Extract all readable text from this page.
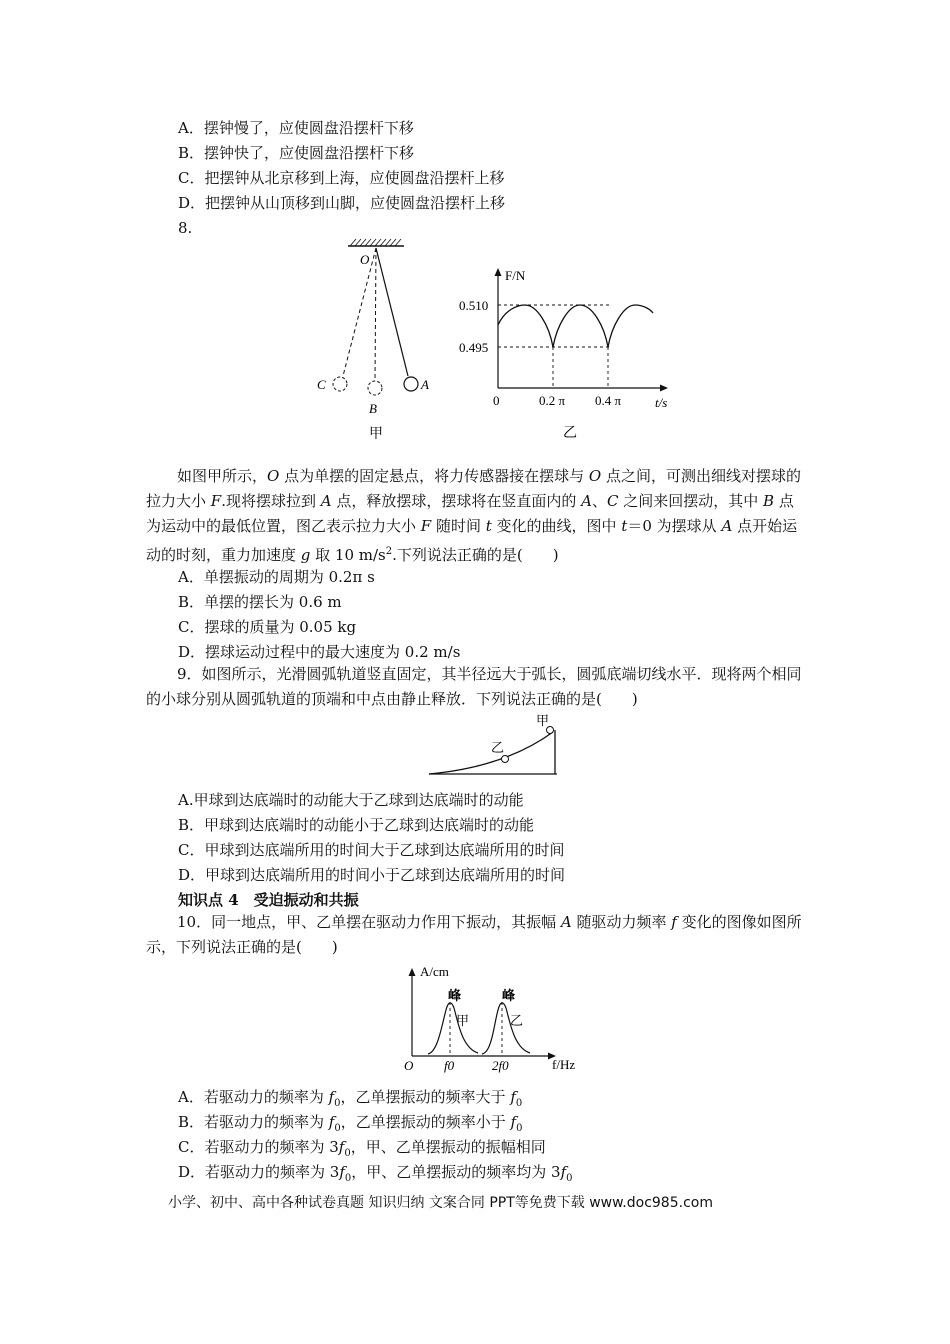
A．摆钟慢了，应使圆盘沿摆杆下移
B．摆钟快了，应使圆盘沿摆杆下移
C．把摆钟从北京移到上海，应使圆盘沿摆杆上移
D．把摆钟从山顶移到山脚，应使圆盘沿摆杆上移
8.
O
A
B
C
甲
F/N
t/s
0
0.510
0.495
0.2 π 0.4 π
乙
如图甲所示，O 点为单摆的固定悬点，将力传感器接在摆球与 O 点之间，可测出细线对摆球的拉力大小 F.现将摆球拉到 A 点，释放摆球，摆球将在竖直面内的 A、C 之间来回摆动，其中 B 点为运动中的最低位置，图乙表示拉力大小 F 随时间 t 变化的曲线，图中 t＝0 为摆球从 A 点开始运动的时刻，重力加速度 g 取 10 $m/s^2$.下列说法正确的是(　　)
A．单摆振动的周期为 0.2π s
B．单摆的摆长为 0.6 m
C．摆球的质量为 0.05 kg
D．摆球运动过程中的最大速度为 0.2 m/s
9．如图所示，光滑圆弧轨道竖直固定，其半径远大于弧长，圆弧底端切线水平．现将两个相同的小球分别从圆弧轨道的顶端和中点由静止释放．下列说法正确的是(　　)
甲
乙
A.甲球到达底端时的动能大于乙球到达底端时的动能
B．甲球到达底端时的动能小于乙球到达底端时的动能
C．甲球到达底端所用的时间大于乙球到达底端所用的时间
D．甲球到达底端所用的时间小于乙球到达底端所用的时间
知识点 4　受迫振动和共振
10．同一地点，甲、乙单摆在驱动力作用下振动，其振幅 A 随驱动力频率 f 变化的图像如图所示，下列说法正确的是(　　)
A/cm
f/Hz
O
峰	峰
甲	乙
f0	2f0
A．若驱动力的频率为 $f_0$，乙单摆振动的频率大于 $f_0$
B．若驱动力的频率为 $f_0$，乙单摆振动的频率小于 $f_0$
C．若驱动力的频率为 $3f_0$，甲、乙单摆振动的振幅相同
D．若驱动力的频率为 $3f_0$，甲、乙单摆振动的频率均为 $3f_0$
小学、初中、高中各种试卷真题 知识归纳 文案合同 PPT等免费下载 www.doc985.com
